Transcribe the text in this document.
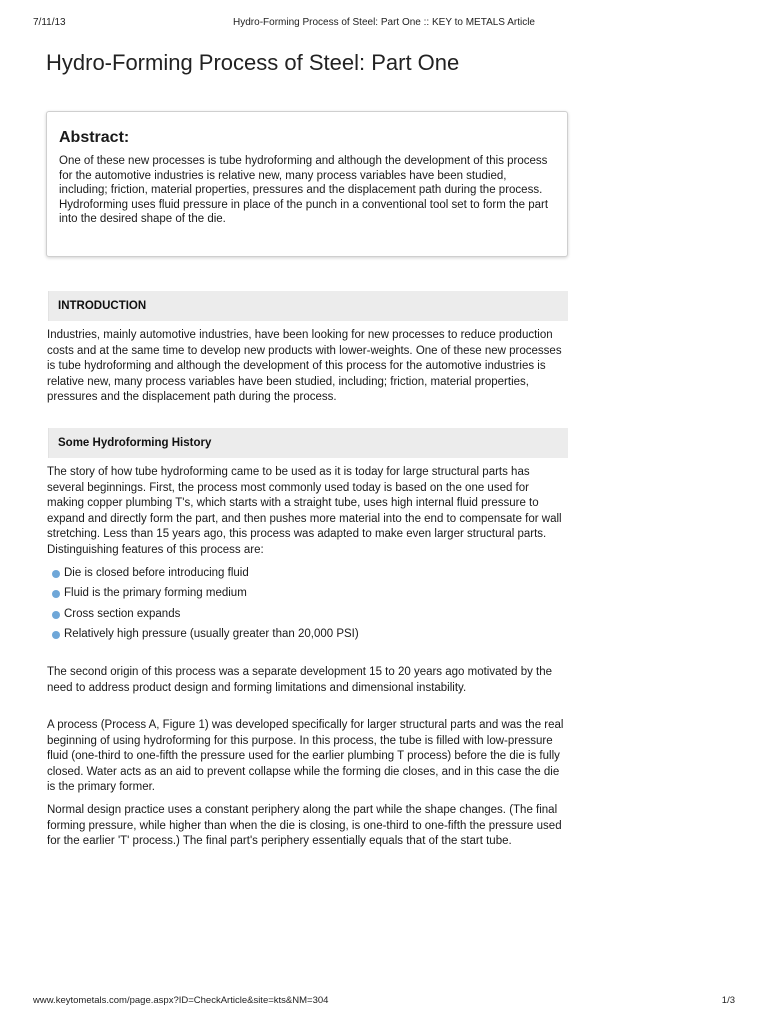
7/11/13	Hydro-Forming Process of Steel: Part One :: KEY to METALS Article
Hydro-Forming Process of Steel: Part One
Abstract:

One of these new processes is tube hydroforming and although the development of this process for the automotive industries is relative new, many process variables have been studied, including; friction, material properties, pressures and the displacement path during the process.

Hydroforming uses fluid pressure in place of the punch in a conventional tool set to form the part into the desired shape of the die.

INTRODUCTION

Industries, mainly automotive industries, have been looking for new processes to reduce production costs and at the same time to develop new products with lower-weights. One of these new processes is tube hydroforming and although the development of this process for the automotive industries is relative new, many process variables have been studied, including; friction, material properties, pressures and the displacement path during the process.

Some Hydroforming History

The story of how tube hydroforming came to be used as it is today for large structural parts has several beginnings. First, the process most commonly used today is based on the one used for making copper plumbing T's, which starts with a straight tube, uses high internal fluid pressure to expand and directly form the part, and then pushes more material into the end to compensate for wall stretching. Less than 15 years ago, this process was adapted to make even larger structural parts. Distinguishing features of this process are:

Die is closed before introducing fluid
Fluid is the primary forming medium
Cross section expands
Relatively high pressure (usually greater than 20,000 PSI)

The second origin of this process was a separate development 15 to 20 years ago motivated by the need to address product design and forming limitations and dimensional instability.

A process (Process A, Figure 1) was developed specifically for larger structural parts and was the real beginning of using hydroforming for this purpose. In this process, the tube is filled with low-pressure fluid (one-third to one-fifth the pressure used for the earlier plumbing T process) before the die is fully closed. Water acts as an aid to prevent collapse while the forming die closes, and in this case the die is the primary former.

Normal design practice uses a constant periphery along the part while the shape changes. (The final forming pressure, while higher than when the die is closing, is one-third to one-fifth the pressure used for the earlier 'T' process.) The final part's periphery essentially equals that of the start tube.

www.keytometals.com/page.aspx?ID=CheckArticle&site=kts&NM=304	1/3
